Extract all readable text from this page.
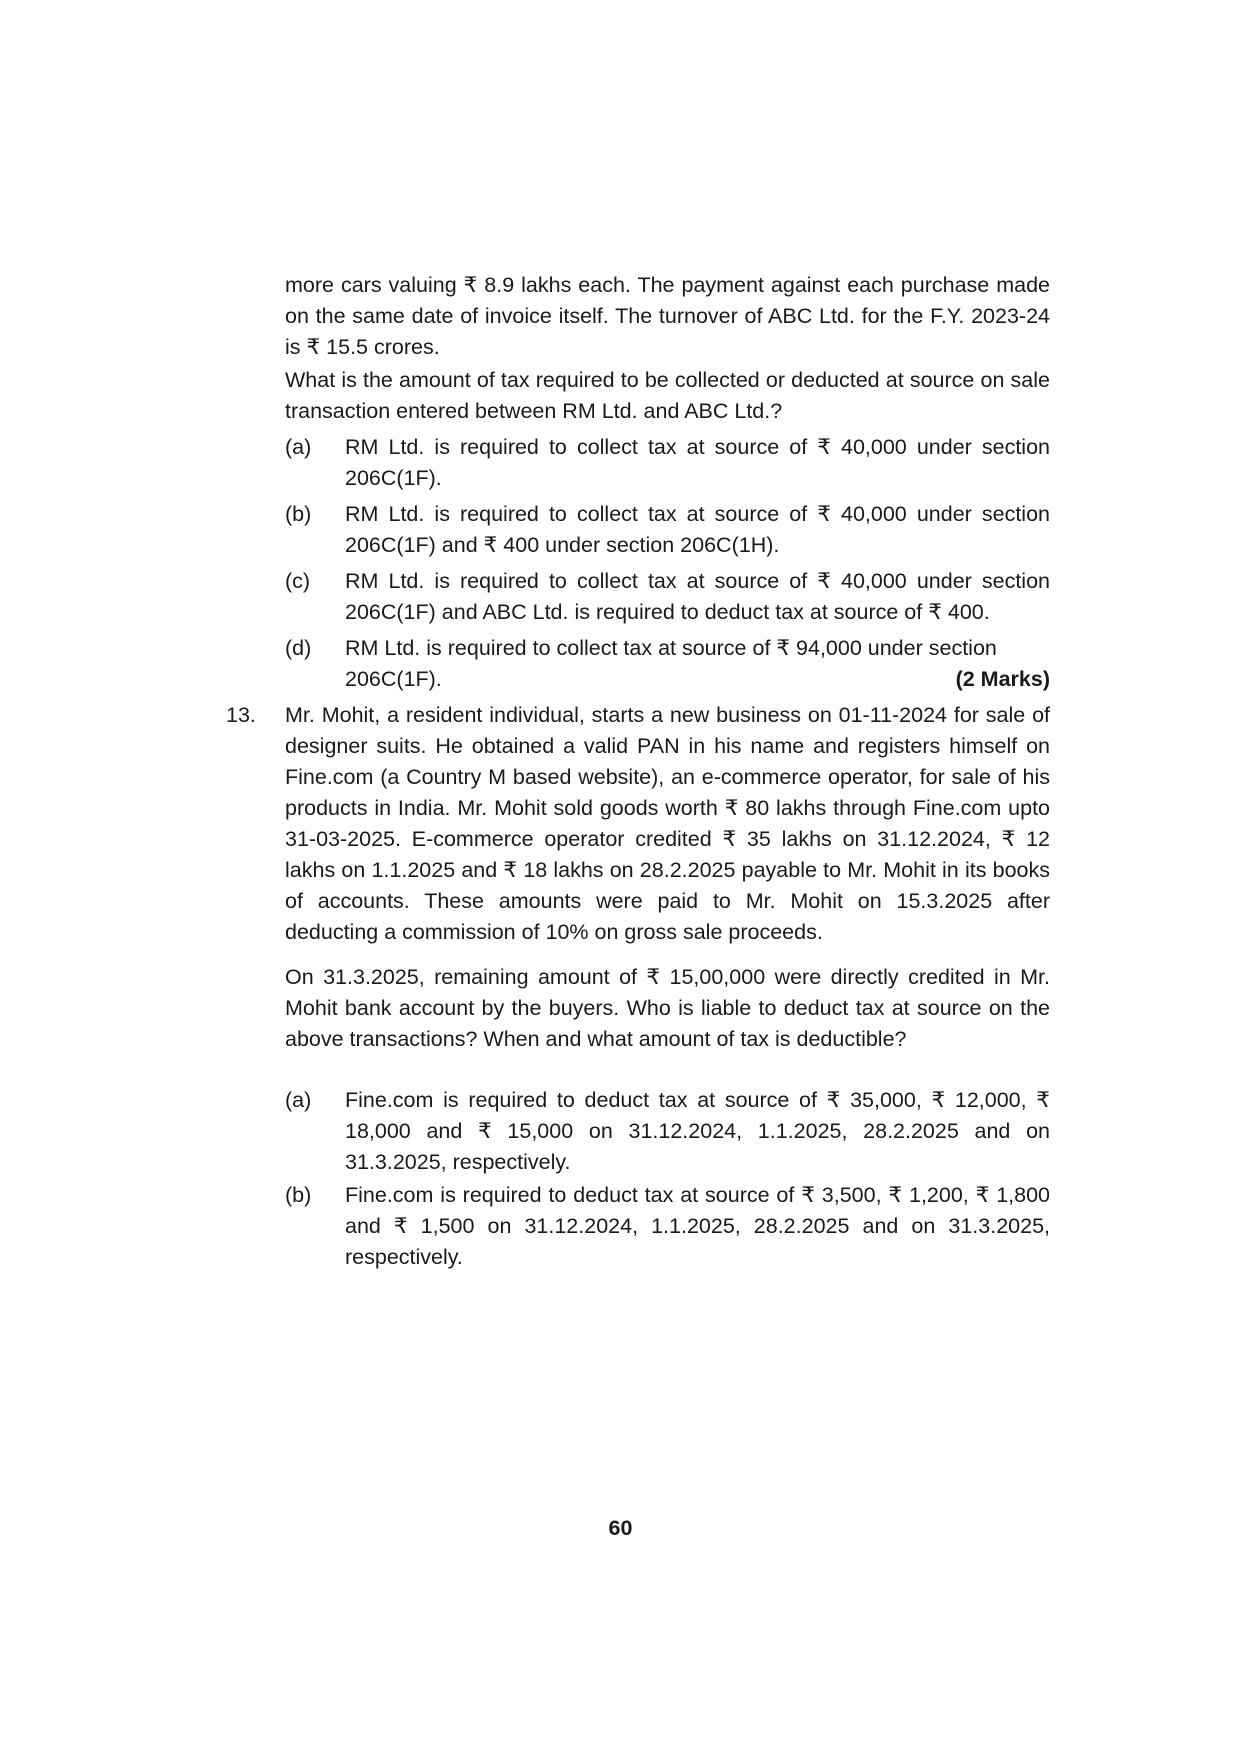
more cars valuing ₹ 8.9 lakhs each. The payment against each purchase made on the same date of invoice itself. The turnover of ABC Ltd. for the F.Y. 2023-24 is ₹ 15.5 crores.
What is the amount of tax required to be collected or deducted at source on sale transaction entered between RM Ltd. and ABC Ltd.?
(a)	RM Ltd. is required to collect tax at source of ₹ 40,000 under section 206C(1F).
(b)	RM Ltd. is required to collect tax at source of ₹ 40,000 under section 206C(1F) and ₹ 400 under section 206C(1H).
(c)	RM Ltd. is required to collect tax at source of ₹ 40,000 under section 206C(1F) and ABC Ltd. is required to deduct tax at source of ₹ 400.
(d)	RM Ltd. is required to collect tax at source of ₹ 94,000 under section
206C(1F).	(2 Marks)
13. Mr. Mohit, a resident individual, starts a new business on 01-11-2024 for sale of designer suits. He obtained a valid PAN in his name and registers himself on Fine.com (a Country M based website), an e-commerce operator, for sale of his products in India. Mr. Mohit sold goods worth ₹ 80 lakhs through Fine.com upto 31-03-2025. E-commerce operator credited ₹ 35 lakhs on 31.12.2024, ₹ 12 lakhs on 1.1.2025 and ₹ 18 lakhs on 28.2.2025 payable to Mr. Mohit in its books of accounts. These amounts were paid to Mr. Mohit on 15.3.2025 after deducting a commission of 10% on gross sale proceeds.
On 31.3.2025, remaining amount of ₹ 15,00,000 were directly credited in Mr. Mohit bank account by the buyers. Who is liable to deduct tax at source on the above transactions? When and what amount of tax is deductible?
(a)	Fine.com is required to deduct tax at source of ₹ 35,000, ₹ 12,000, ₹ 18,000 and ₹ 15,000 on 31.12.2024, 1.1.2025, 28.2.2025 and on 31.3.2025, respectively.
(b)	Fine.com is required to deduct tax at source of ₹ 3,500, ₹ 1,200, ₹ 1,800 and ₹ 1,500 on 31.12.2024, 1.1.2025, 28.2.2025 and on 31.3.2025, respectively.
60
